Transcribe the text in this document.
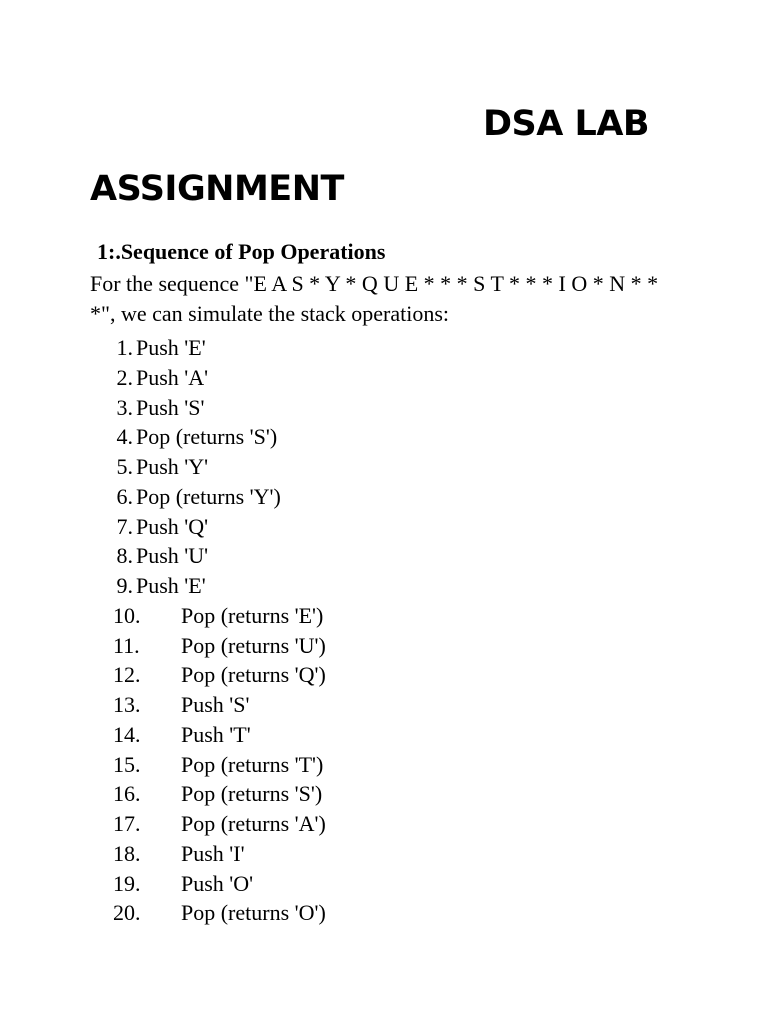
DSA LAB
ASSIGNMENT
1:.Sequence of Pop Operations
For the sequence "E A S * Y * Q U E * * * S T * * * I O * N * * *", we can simulate the stack operations:
1. Push 'E'
2. Push 'A'
3. Push 'S'
4. Pop (returns 'S')
5. Push 'Y'
6. Pop (returns 'Y')
7. Push 'Q'
8. Push 'U'
9. Push 'E'
10. Pop (returns 'E')
11. Pop (returns 'U')
12. Pop (returns 'Q')
13. Push 'S'
14. Push 'T'
15. Pop (returns 'T')
16. Pop (returns 'S')
17. Pop (returns 'A')
18. Push 'I'
19. Push 'O'
20. Pop (returns 'O')
